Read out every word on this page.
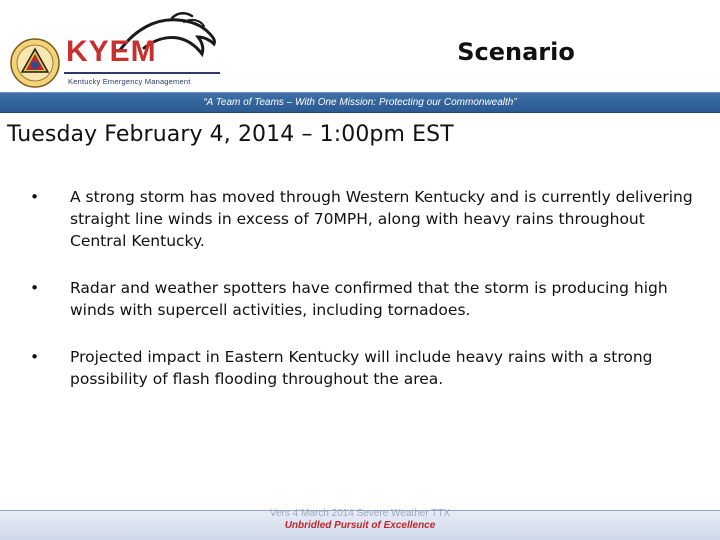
KYEM
Kentucky Emergency Management
Scenario
“A Team of Teams – With One Mission: Protecting our Commonwealth”
Tuesday February 4, 2014 – 1:00pm EST
• A strong storm has moved through Western Kentucky and is currently delivering straight line winds in excess of 70MPH, along with heavy rains throughout Central Kentucky.
• Radar and weather spotters have confirmed that the storm is producing high winds with supercell activities, including tornadoes.
• Projected impact in Eastern Kentucky will include heavy rains with a strong possibility of flash flooding throughout the area.
Vers 4 March 2014 Severe Weather TTX
Unbridled Pursuit of Excellence
